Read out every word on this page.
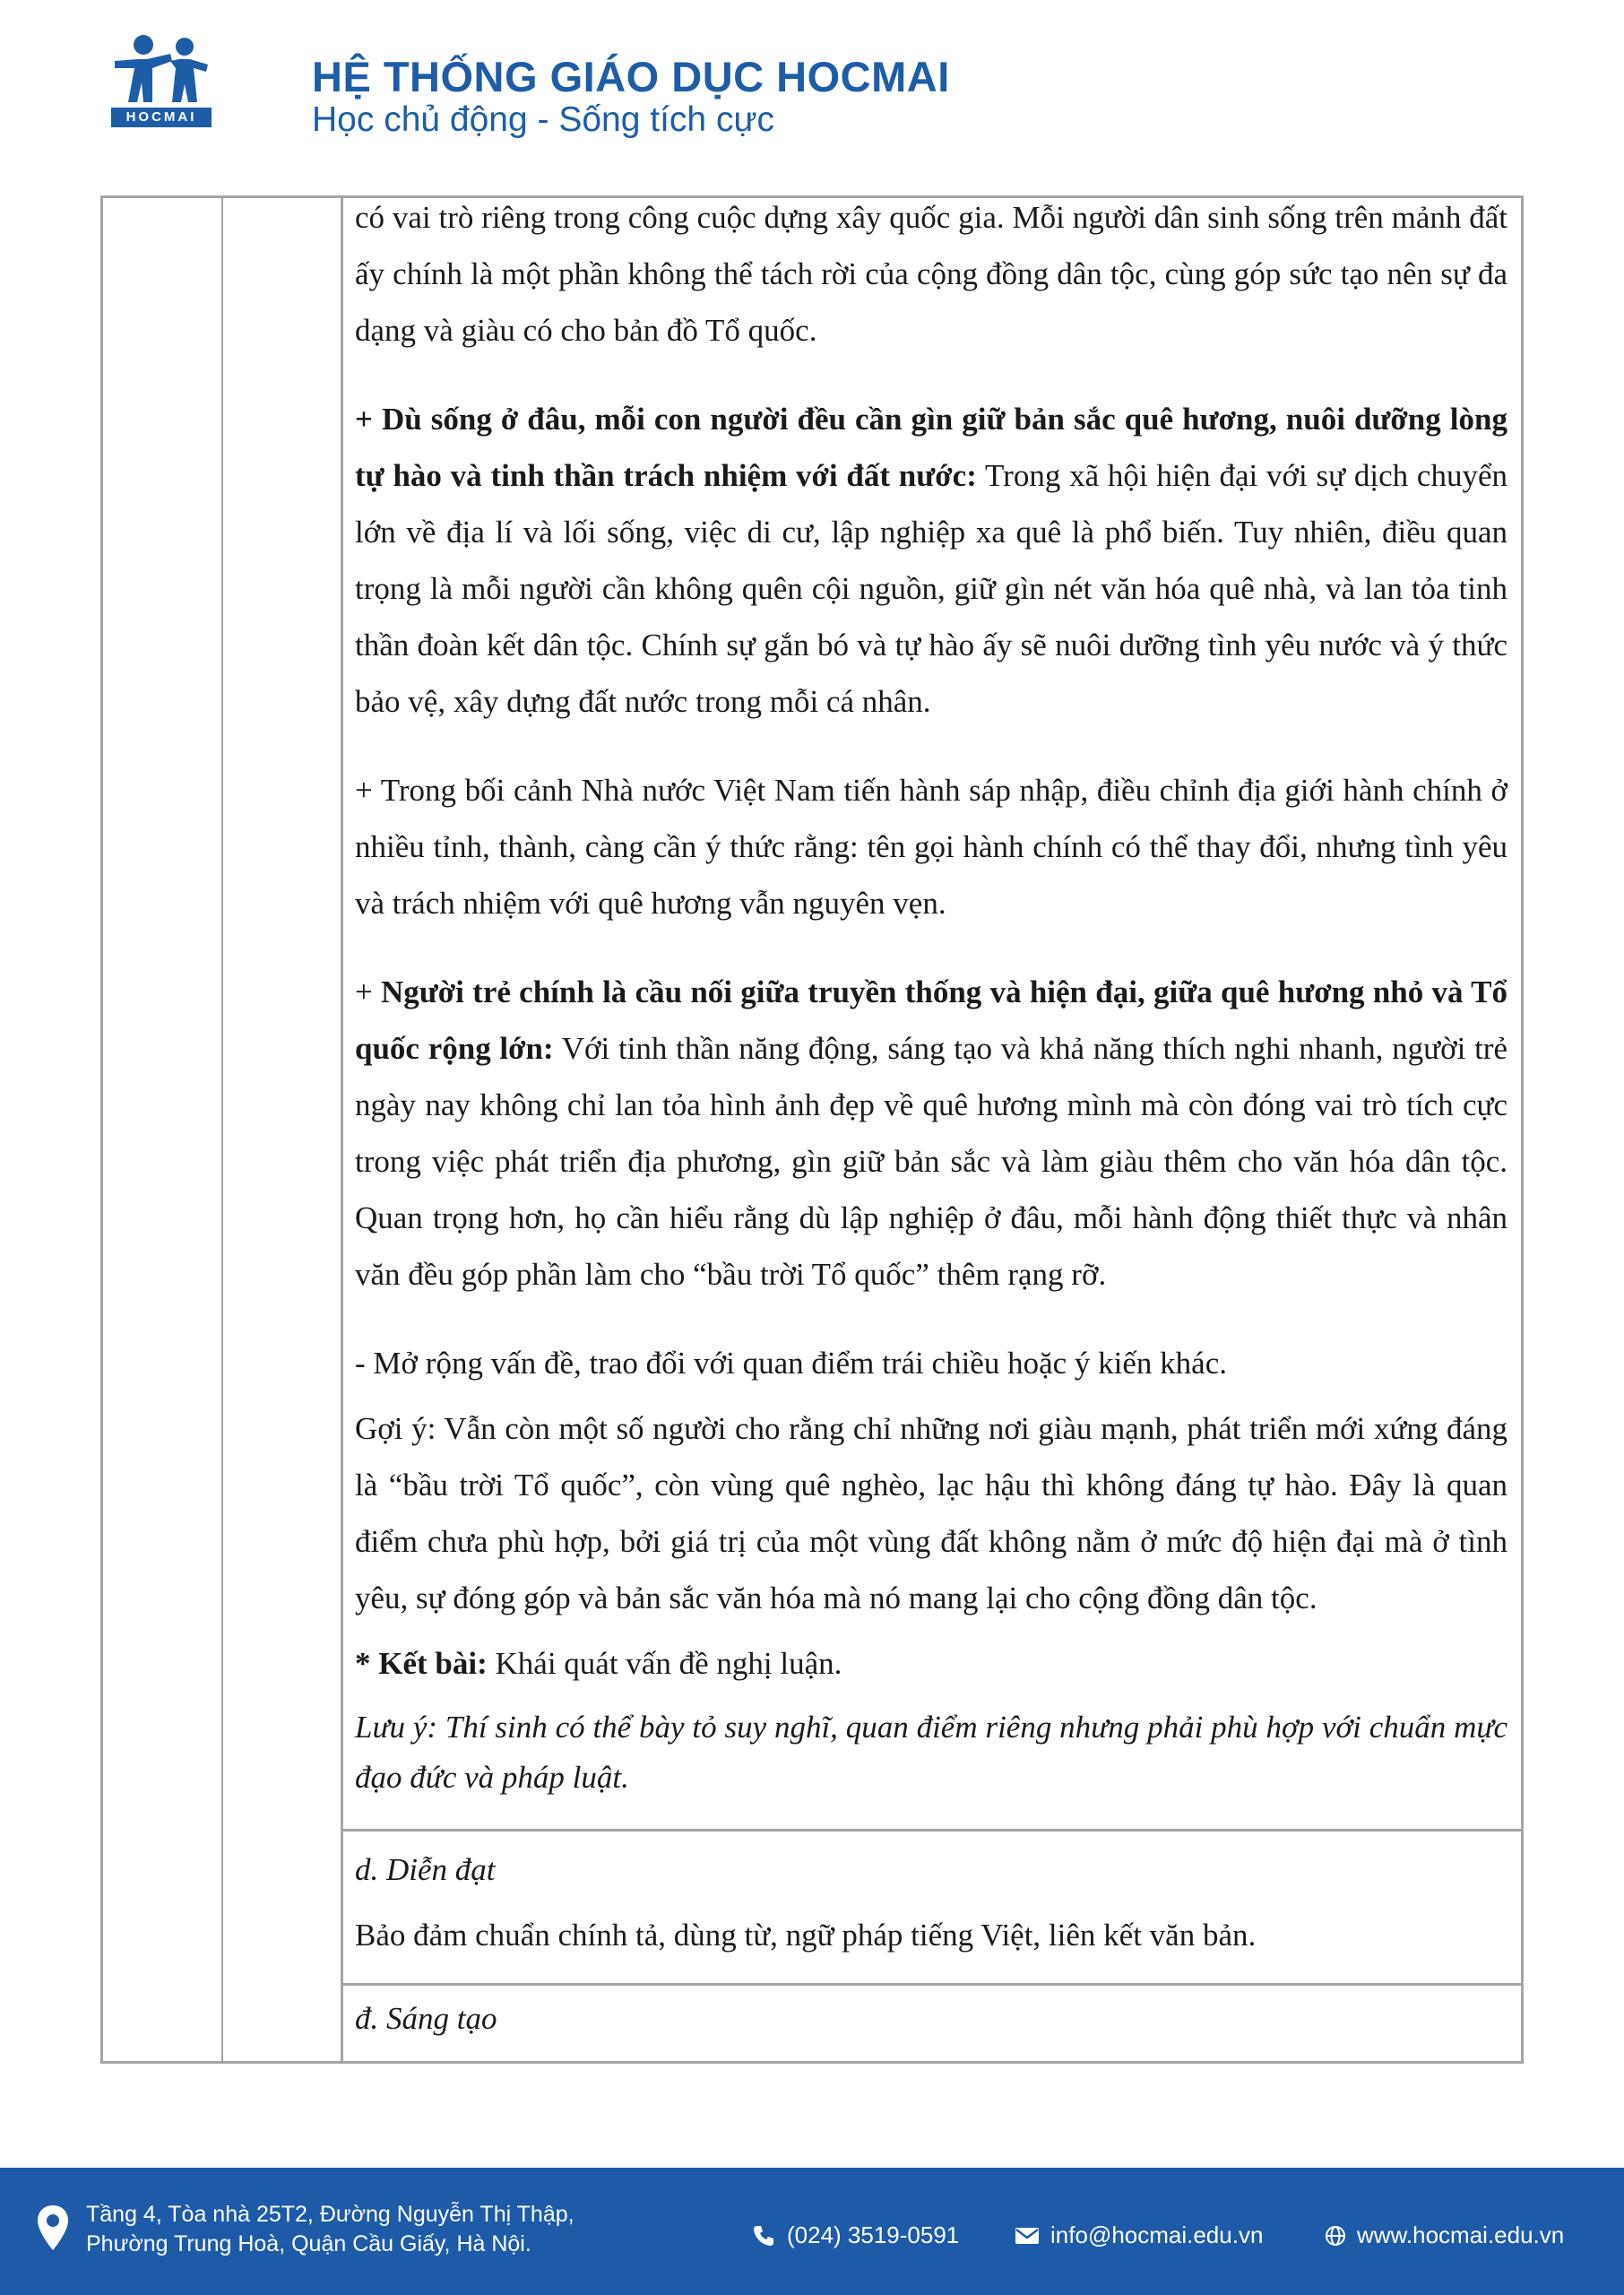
HOCMAI
HỆ THỐNG GIÁO DỤC HOCMAI
Học chủ động - Sống tích cực

có vai trò riêng trong công cuộc dựng xây quốc gia. Mỗi người dân sinh sống trên mảnh đất ấy chính là một phần không thể tách rời của cộng đồng dân tộc, cùng góp sức tạo nên sự đa dạng và giàu có cho bản đồ Tổ quốc.

+ Dù sống ở đâu, mỗi con người đều cần gìn giữ bản sắc quê hương, nuôi dưỡng lòng tự hào và tinh thần trách nhiệm với đất nước: Trong xã hội hiện đại với sự dịch chuyển lớn về địa lí và lối sống, việc di cư, lập nghiệp xa quê là phổ biến. Tuy nhiên, điều quan trọng là mỗi người cần không quên cội nguồn, giữ gìn nét văn hóa quê nhà, và lan tỏa tinh thần đoàn kết dân tộc. Chính sự gắn bó và tự hào ấy sẽ nuôi dưỡng tình yêu nước và ý thức bảo vệ, xây dựng đất nước trong mỗi cá nhân.

+ Trong bối cảnh Nhà nước Việt Nam tiến hành sáp nhập, điều chỉnh địa giới hành chính ở nhiều tỉnh, thành, càng cần ý thức rằng: tên gọi hành chính có thể thay đổi, nhưng tình yêu và trách nhiệm với quê hương vẫn nguyên vẹn.

+ Người trẻ chính là cầu nối giữa truyền thống và hiện đại, giữa quê hương nhỏ và Tổ quốc rộng lớn: Với tinh thần năng động, sáng tạo và khả năng thích nghi nhanh, người trẻ ngày nay không chỉ lan tỏa hình ảnh đẹp về quê hương mình mà còn đóng vai trò tích cực trong việc phát triển địa phương, gìn giữ bản sắc và làm giàu thêm cho văn hóa dân tộc. Quan trọng hơn, họ cần hiểu rằng dù lập nghiệp ở đâu, mỗi hành động thiết thực và nhân văn đều góp phần làm cho “bầu trời Tổ quốc” thêm rạng rỡ.

- Mở rộng vấn đề, trao đổi với quan điểm trái chiều hoặc ý kiến khác.

Gợi ý: Vẫn còn một số người cho rằng chỉ những nơi giàu mạnh, phát triển mới xứng đáng là “bầu trời Tổ quốc”, còn vùng quê nghèo, lạc hậu thì không đáng tự hào. Đây là quan điểm chưa phù hợp, bởi giá trị của một vùng đất không nằm ở mức độ hiện đại mà ở tình yêu, sự đóng góp và bản sắc văn hóa mà nó mang lại cho cộng đồng dân tộc.

* Kết bài: Khái quát vấn đề nghị luận.

Lưu ý: Thí sinh có thể bày tỏ suy nghĩ, quan điểm riêng nhưng phải phù hợp với chuẩn mực đạo đức và pháp luật.

d. Diễn đạt
Bảo đảm chuẩn chính tả, dùng từ, ngữ pháp tiếng Việt, liên kết văn bản.
đ. Sáng tạo
Tầng 4, Tòa nhà 25T2, Đường Nguyễn Thị Thập,
Phường Trung Hoà, Quận Cầu Giấy, Hà Nội.	(024) 3519-0591	info@hocmai.edu.vn	www.hocmai.edu.vn
